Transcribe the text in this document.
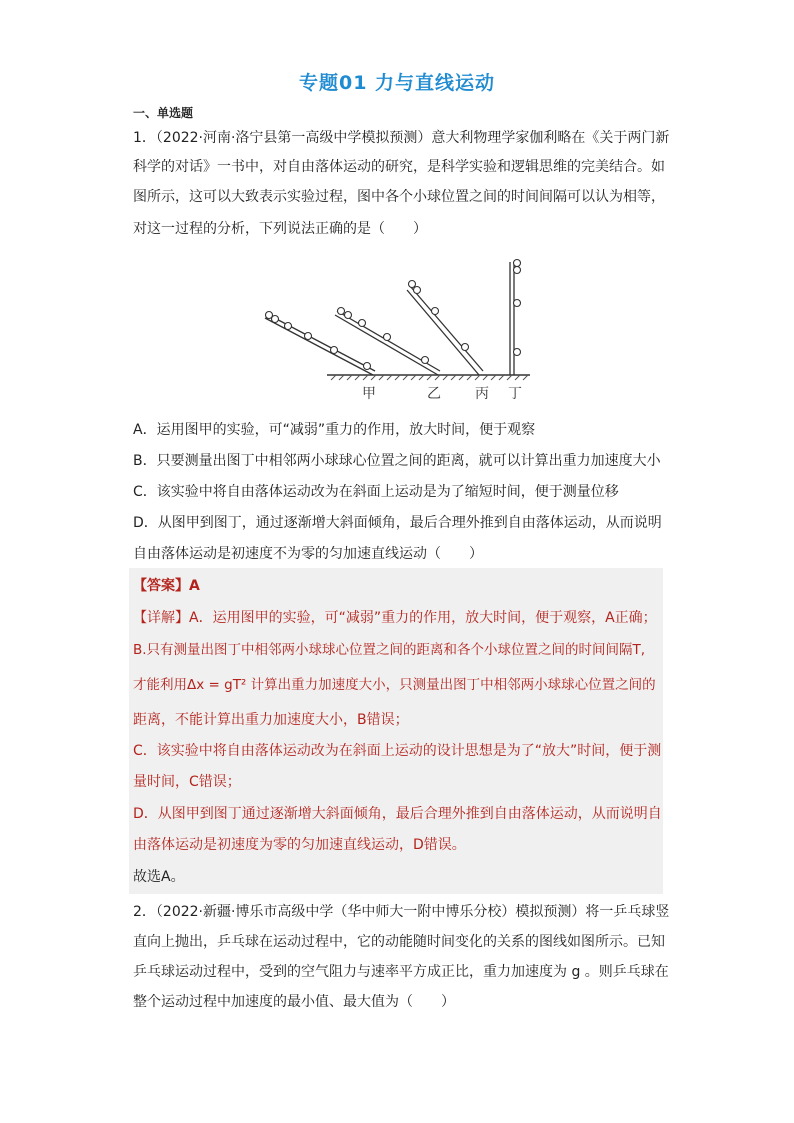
专题01 力与直线运动
一、单选题
1．（2022·河南·洛宁县第一高级中学模拟预测）意大利物理学家伽利略在《关于两门新
科学的对话》一书中，对自由落体运动的研究，是科学实验和逻辑思维的完美结合。如
图所示，这可以大致表示实验过程，图中各个小球位置之间的时间间隔可以认为相等，
对这一过程的分析，下列说法正确的是（　　）
甲	乙 丙 丁
A．运用图甲的实验，可“减弱”重力的作用，放大时间，便于观察
B．只要测量出图丁中相邻两小球球心位置之间的距离，就可以计算出重力加速度大小
C．该实验中将自由落体运动改为在斜面上运动是为了缩短时间，便于测量位移
D．从图甲到图丁，通过逐渐增大斜面倾角，最后合理外推到自由落体运动，从而说明
自由落体运动是初速度不为零的匀加速直线运动（　　）
【答案】A
【详解】A．运用图甲的实验，可“减弱”重力的作用，放大时间，便于观察，A正确；
B.只有测量出图丁中相邻两小球球心位置之间的距离和各个小球位置之间的时间间隔T,
才能利用Δx = gT² 计算出重力加速度大小，只测量出图丁中相邻两小球球心位置之间的
距离，不能计算出重力加速度大小，B错误；
C．该实验中将自由落体运动改为在斜面上运动的设计思想是为了“放大”时间，便于测
量时间，C错误；
D．从图甲到图丁通过逐渐增大斜面倾角，最后合理外推到自由落体运动，从而说明自
由落体运动是初速度为零的匀加速直线运动，D错误。
故选A。
2．（2022·新疆·博乐市高级中学（华中师大一附中博乐分校）模拟预测）将一乒乓球竖
直向上抛出，乒乓球在运动过程中，它的动能随时间变化的关系的图线如图所示。已知
乒乓球运动过程中，受到的空气阻力与速率平方成正比，重力加速度为 g 。则乒乓球在
整个运动过程中加速度的最小值、最大值为（　　）
